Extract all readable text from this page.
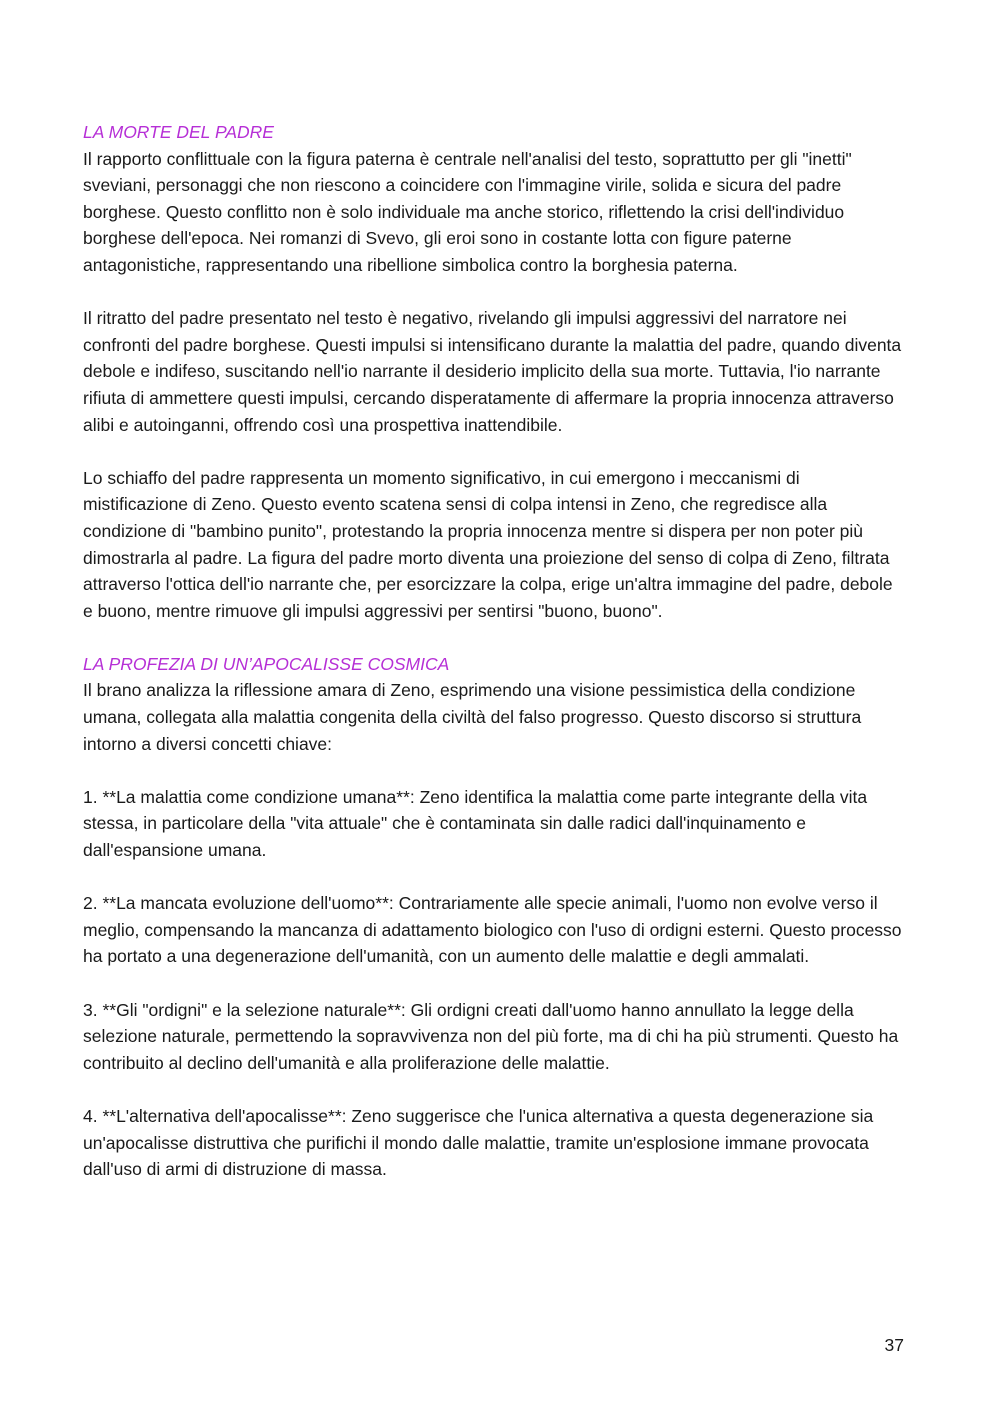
LA MORTE DEL PADRE

Il rapporto conflittuale con la figura paterna è centrale nell'analisi del testo, soprattutto per gli "inetti" sveviani, personaggi che non riescono a coincidere con l'immagine virile, solida e sicura del padre borghese. Questo conflitto non è solo individuale ma anche storico, riflettendo la crisi dell'individuo borghese dell'epoca. Nei romanzi di Svevo, gli eroi sono in costante lotta con figure paterne antagonistiche, rappresentando una ribellione simbolica contro la borghesia paterna.

Il ritratto del padre presentato nel testo è negativo, rivelando gli impulsi aggressivi del narratore nei confronti del padre borghese. Questi impulsi si intensificano durante la malattia del padre, quando diventa debole e indifeso, suscitando nell'io narrante il desiderio implicito della sua morte. Tuttavia, l'io narrante rifiuta di ammettere questi impulsi, cercando disperatamente di affermare la propria innocenza attraverso alibi e autoinganni, offrendo così una prospettiva inattendibile.

Lo schiaffo del padre rappresenta un momento significativo, in cui emergono i meccanismi di mistificazione di Zeno. Questo evento scatena sensi di colpa intensi in Zeno, che regredisce alla condizione di "bambino punito", protestando la propria innocenza mentre si dispera per non poter più dimostrarla al padre. La figura del padre morto diventa una proiezione del senso di colpa di Zeno, filtrata attraverso l'ottica dell'io narrante che, per esorcizzare la colpa, erige un'altra immagine del padre, debole e buono, mentre rimuove gli impulsi aggressivi per sentirsi "buono, buono".

LA PROFEZIA DI UN’APOCALISSE COSMICA

Il brano analizza la riflessione amara di Zeno, esprimendo una visione pessimistica della condizione umana, collegata alla malattia congenita della civiltà del falso progresso. Questo discorso si struttura intorno a diversi concetti chiave:

1. **La malattia come condizione umana**: Zeno identifica la malattia come parte integrante della vita stessa, in particolare della "vita attuale" che è contaminata sin dalle radici dall'inquinamento e dall'espansione umana.

2. **La mancata evoluzione dell'uomo**: Contrariamente alle specie animali, l'uomo non evolve verso il meglio, compensando la mancanza di adattamento biologico con l'uso di ordigni esterni. Questo processo ha portato a una degenerazione dell'umanità, con un aumento delle malattie e degli ammalati.

3. **Gli "ordigni" e la selezione naturale**: Gli ordigni creati dall'uomo hanno annullato la legge della selezione naturale, permettendo la sopravvivenza non del più forte, ma di chi ha più strumenti. Questo ha contribuito al declino dell'umanità e alla proliferazione delle malattie.

4. **L'alternativa dell'apocalisse**: Zeno suggerisce che l'unica alternativa a questa degenerazione sia un'apocalisse distruttiva che purifichi il mondo dalle malattie, tramite un'esplosione immane provocata dall'uso di armi di distruzione di massa.

37
